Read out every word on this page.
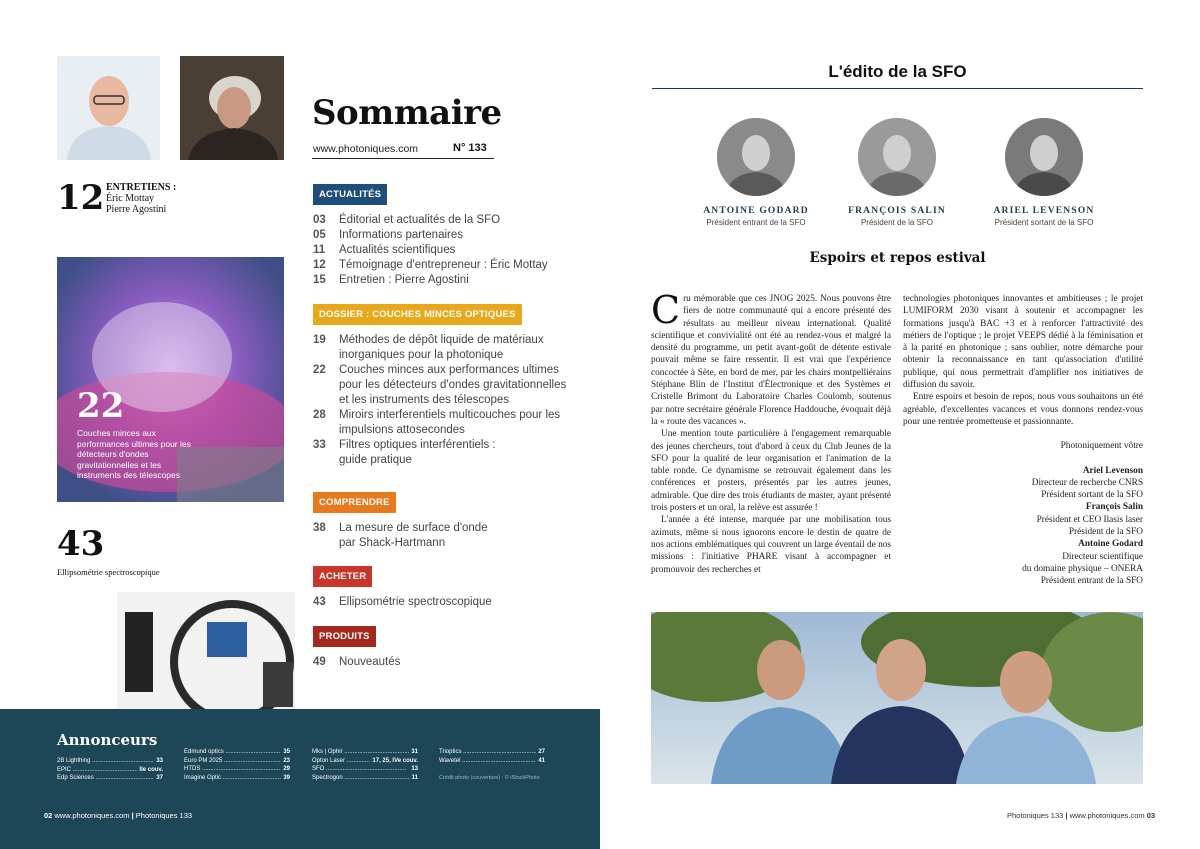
12 ENTRETIENS :
Éric Mottay
Pierre Agostini
22
Couches minces aux performances ultimes pour les détecteurs d'ondes gravitationnelles et les instruments des télescopes
43
Ellipsométrie spectroscopique
Sommaire
www.photoniques.com	N° 133
ACTUALITÉS
03	Éditorial et actualités de la SFO
05	Informations partenaires
11	Actualités scientifiques
12	Témoignage d'entrepreneur : Éric Mottay
15	Entretien : Pierre Agostini
DOSSIER : COUCHES MINCES OPTIQUES
19	Méthodes de dépôt liquide de matériaux
inorganiques pour la photonique
22	Couches minces aux performances ultimes
pour les détecteurs d'ondes gravitationnelles
et les instruments des télescopes
28	Miroirs interferentiels multicouches pour les
impulsions attosecondes
33	Filtres optiques interférentiels :
guide pratique
COMPRENDRE
38	La mesure de surface d'onde
par Shack-Hartmann
ACHETER
43	Ellipsométrie spectroscopique
PRODUITS
49	Nouveautés
Annonceurs
2B Lighthing .....	33
EPIC .....	IIe couv.
Edp Sciences .....	37
Edmund optics .....	35
Euro PM 2025 .....	23
HTDS .....	29
Imagine Optic .....	39
Mks | Ophir .....	31
Opton Laser .....	17, 25, IVe couv.
SFO .....	13
Spectrogon .....	11
Trioptics .....	27
Wavetel .....	41
Crédit photo (couverture) : © iStockPhoto
02 www.photoniques.com | Photoniques 133
L'édito de la SFO
ANTOINE GODARD
Président entrant de la SFO
FRANÇOIS SALIN
Président de la SFO
ARIEL LEVENSON
Président sortant de la SFO
Espoirs et repos estival
Cru mémorable que ces JNOG 2025. Nous pouvons être fiers de notre communauté qui a encore présenté des résultats au meilleur niveau international. Qualité scientifique et convivialité ont été au rendez-vous et malgré la densité du programme, un petit avant-goût de détente estivale pouvait même se faire ressentir. Il est vrai que l'expérience concoctée à Sète, en bord de mer, par les chairs montpelliérains Stéphane Blin de l'Institut d'Électronique et des Systèmes et Cristelle Brimont du Laboratoire Charles Coulomb, soutenus par notre secrétaire générale Florence Haddouche, évoquait déjà la « route des vacances ».
Une mention toute particulière à l'engagement remarquable des jeunes chercheurs, tout d'abord à ceux du Club Jeunes de la SFO pour la qualité de leur organisation et l'animation de la table ronde. Ce dynamisme se retrouvait également dans les conférences et posters, présentés par les autres jeunes, admirable. Que dire des trois étudiants de master, ayant présenté trois posters et un oral, la relève est assurée !
L'année a été intense, marquée par une mobilisation tous azimuts, même si nous ignorons encore le destin de quatre de nos actions emblématiques qui couvrent un large éventail de nos missions : l'initiative PHARE visant à accompagner et promouvoir des recherches et
technologies photoniques innovantes et ambitieuses ; le projet LUMIFORM 2030 visant à soutenir et accompagner les formations jusqu'à BAC +3 et à renforcer l'attractivité des métiers de l'optique ; le projet VEEPS dédié à la féminisation et à la parité en photonique ; sans oublier, notre démarche pour obtenir la reconnaissance en tant qu'association d'utilité publique, qui nous permettrait d'amplifier nos initiatives de diffusion du savoir.
Entre espoirs et besoin de repos, nous vous souhaitons un été agréable, d'excellentes vacances et vous donnons rendez-vous pour une rentrée prometteuse et passionnante.
Photoniquement vôtre
Ariel Levenson
Directeur de recherche CNRS
Président sortant de la SFO
François Salin
Président et CEO Ilasis laser
Président de la SFO
Antoine Godard
Directeur scientifique
du domaine physique – ONERA
Président entrant de la SFO
Photoniques 133 | www.photoniques.com 03
